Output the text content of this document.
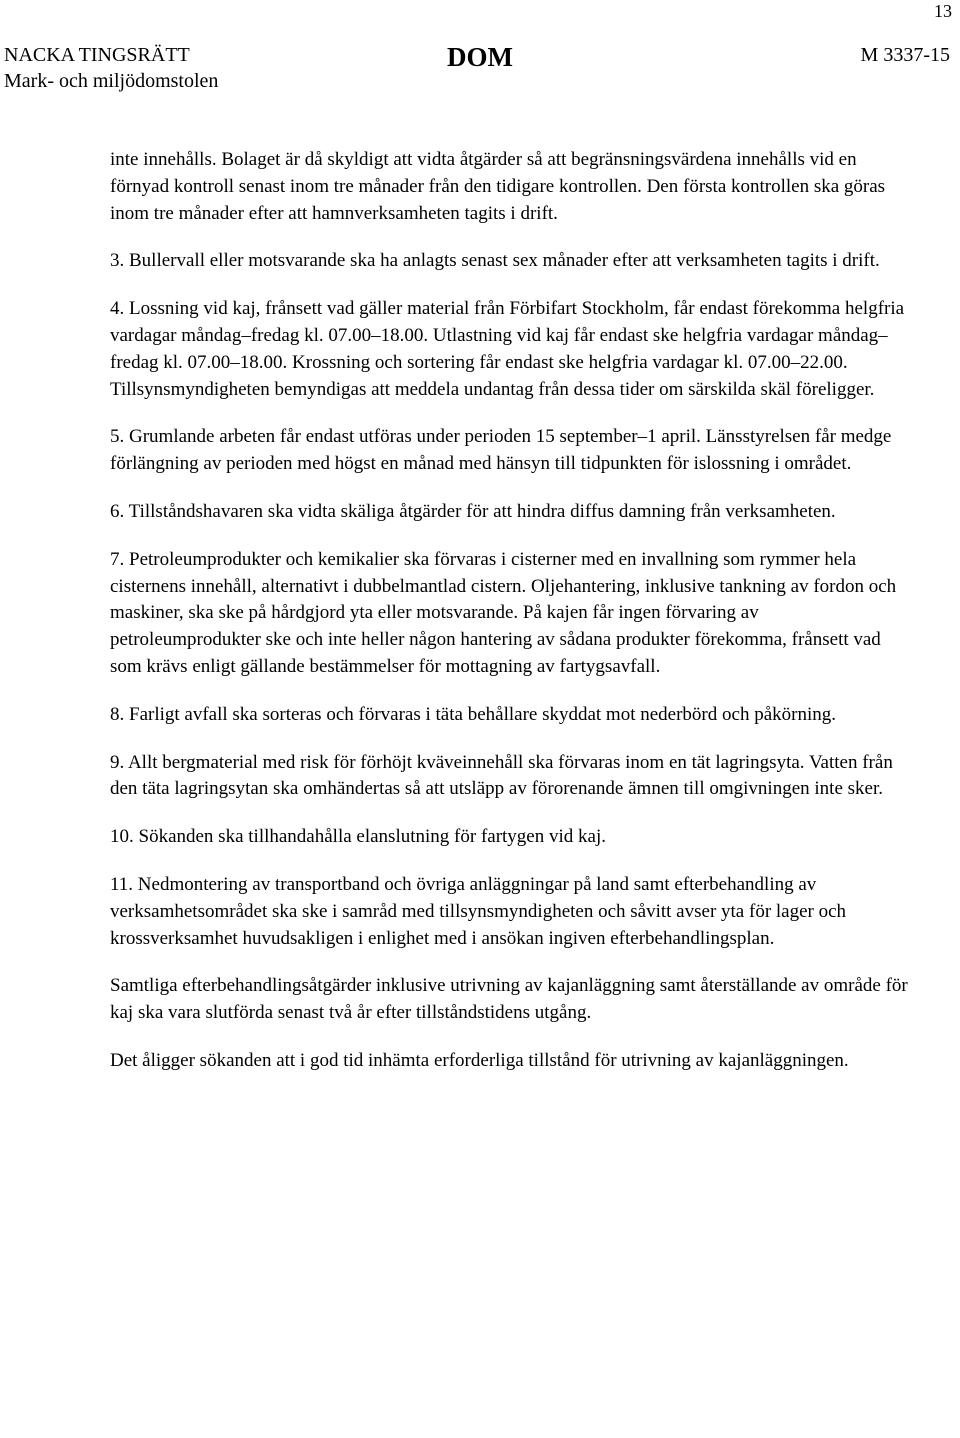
13
NACKA TINGSRÄTT
Mark- och miljödomstolen
DOM	M 3337-15

inte innehålls. Bolaget är då skyldigt att vidta åtgärder så att begränsningsvärdena innehålls vid en förnyad kontroll senast inom tre månader från den tidigare kontrollen. Den första kontrollen ska göras inom tre månader efter att hamnverksamheten tagits i drift.

3. Bullervall eller motsvarande ska ha anlagts senast sex månader efter att verksamheten tagits i drift.

4. Lossning vid kaj, frånsett vad gäller material från Förbifart Stockholm, får endast förekomma helgfria vardagar måndag–fredag kl. 07.00–18.00. Utlastning vid kaj får endast ske helgfria vardagar måndag–fredag kl. 07.00–18.00. Krossning och sortering får endast ske helgfria vardagar kl. 07.00–22.00. Tillsynsmyndigheten bemyndigas att meddela undantag från dessa tider om särskilda skäl föreligger.

5. Grumlande arbeten får endast utföras under perioden 15 september–1 april. Länsstyrelsen får medge förlängning av perioden med högst en månad med hänsyn till tidpunkten för islossning i området.

6. Tillståndshavaren ska vidta skäliga åtgärder för att hindra diffus damning från verksamheten.

7. Petroleumprodukter och kemikalier ska förvaras i cisterner med en invallning som rymmer hela cisternens innehåll, alternativt i dubbelmantlad cistern. Oljehantering, inklusive tankning av fordon och maskiner, ska ske på hårdgjord yta eller motsvarande. På kajen får ingen förvaring av petroleumprodukter ske och inte heller någon hantering av sådana produkter förekomma, frånsett vad som krävs enligt gällande bestämmelser för mottagning av fartygsavfall.

8. Farligt avfall ska sorteras och förvaras i täta behållare skyddat mot nederbörd och påkörning.

9. Allt bergmaterial med risk för förhöjt kväveinnehåll ska förvaras inom en tät lagringsyta. Vatten från den täta lagringsytan ska omhändertas så att utsläpp av förorenande ämnen till omgivningen inte sker.

10. Sökanden ska tillhandahålla elanslutning för fartygen vid kaj.

11. Nedmontering av transportband och övriga anläggningar på land samt efterbehandling av verksamhetsområdet ska ske i samråd med tillsynsmyndigheten och såvitt avser yta för lager och krossverksamhet huvudsakligen i enlighet med i ansökan ingiven efterbehandlingsplan.

Samtliga efterbehandlingsåtgärder inklusive utrivning av kajanläggning samt återställande av område för kaj ska vara slutförda senast två år efter tillståndstidens utgång.

Det åligger sökanden att i god tid inhämta erforderliga tillstånd för utrivning av kajanläggningen.
